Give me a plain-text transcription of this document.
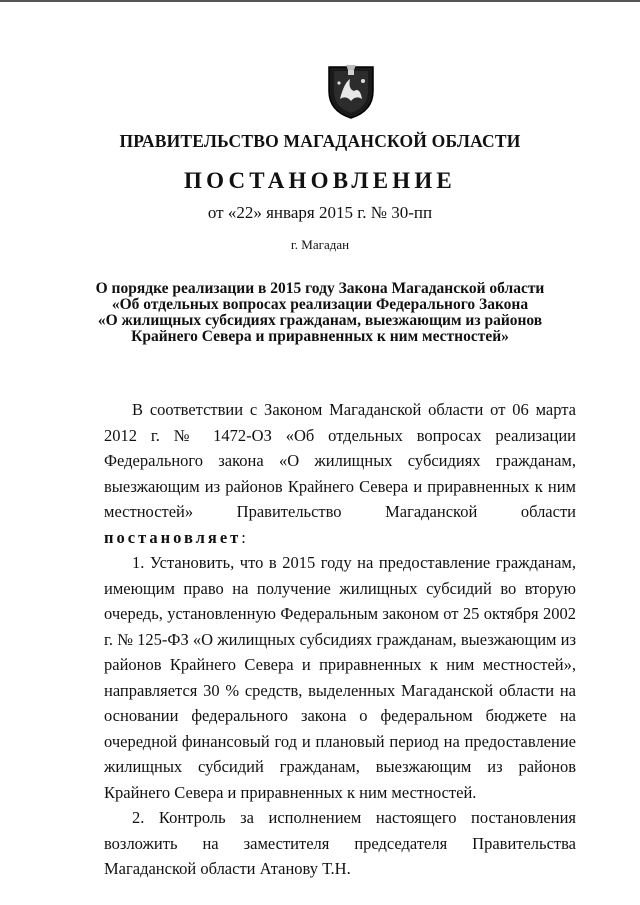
ПРАВИТЕЛЬСТВО МАГАДАНСКОЙ ОБЛАСТИ
ПОСТАНОВЛЕНИЕ
от «22» января 2015 г. № 30-пп
г. Магадан
О порядке реализации в 2015 году Закона Магаданской области
«Об отдельных вопросах реализации Федерального Закона
«О жилищных субсидиях гражданам, выезжающим из районов
Крайнего Севера и приравненных к ним местностей»

В соответствии с Законом Магаданской области от 06 марта 2012 г. № 1472-ОЗ «Об отдельных вопросах реализации Федерального закона «О жилищных субсидиях гражданам, выезжающим из районов Крайнего Севера и приравненных к ним местностей» Правительство Магаданской области постановляет:

1. Установить, что в 2015 году на предоставление гражданам, имеющим право на получение жилищных субсидий во вторую очередь, установленную Федеральным законом от 25 октября 2002 г. № 125-ФЗ «О жилищных субсидиях гражданам, выезжающим из районов Крайнего Севера и приравненных к ним местностей», направляется 30 % средств, выделенных Магаданской области на основании федерального закона о федеральном бюджете на очередной финансовый год и плановый период на предоставление жилищных субсидий гражданам, выезжающим из районов Крайнего Севера и приравненных к ним местностей.

2. Контроль за исполнением настоящего постановления возложить на заместителя председателя Правительства Магаданской области Атанову Т.Н.
